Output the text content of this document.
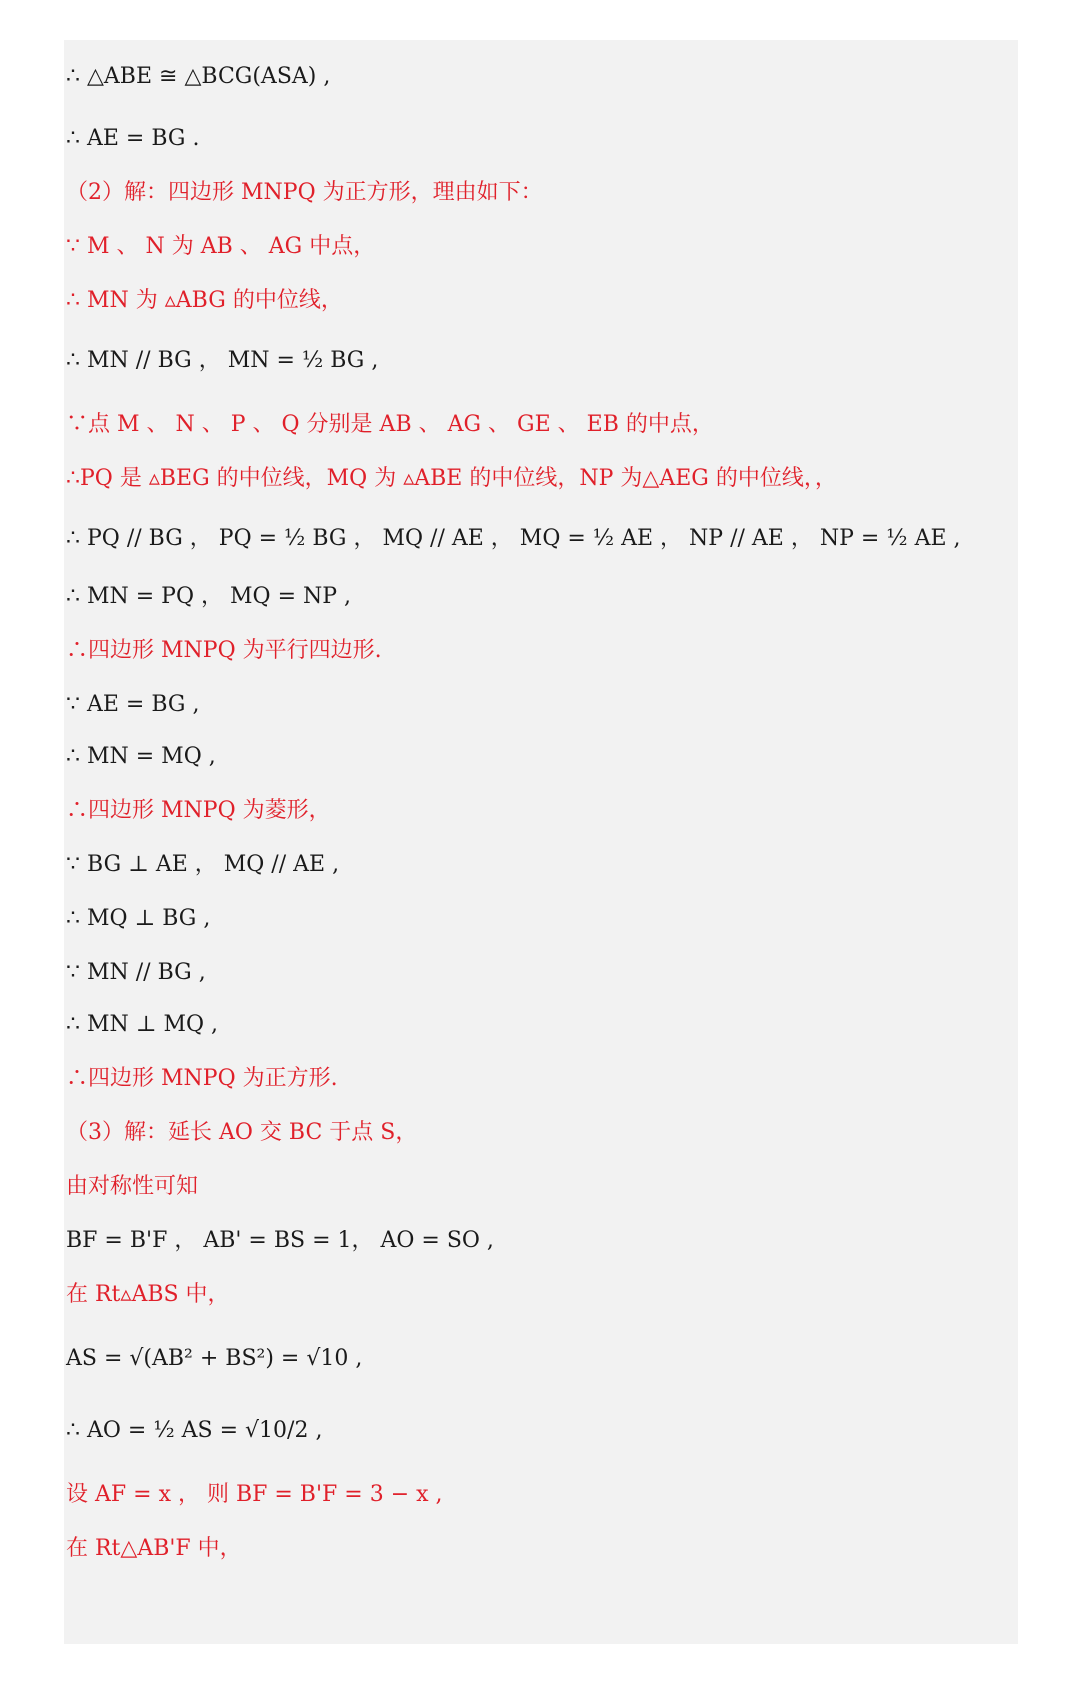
∴ △ABE ≅ △BCG(ASA) ,
∴ AE = BG .
（2）解：四边形 MNPQ 为正方形，理由如下：
∵ M 、 N 为 AB 、 AG 中点，
∴ MN 为 ▵ABG 的中位线，
∴ MN // BG ， MN = ½ BG ,
∵点 M 、 N 、 P 、 Q 分别是 AB 、 AG 、 GE 、 EB 的中点，
∴PQ 是 ▵BEG 的中位线，MQ 为 ▵ABE 的中位线，NP 为△AEG 的中位线，，
∴ PQ // BG ， PQ = ½ BG ， MQ // AE ， MQ = ½ AE ， NP // AE ， NP = ½ AE ,
∴ MN = PQ ， MQ = NP ,
∴四边形 MNPQ 为平行四边形.
∵ AE = BG ,
∴ MN = MQ ,
∴四边形 MNPQ 为菱形，
∵ BG ⊥ AE ， MQ // AE ,
∴ MQ ⊥ BG ,
∵ MN // BG ,
∴ MN ⊥ MQ ,
∴四边形 MNPQ 为正方形.
（3）解：延长 AO 交 BC 于点 S，
由对称性可知
BF = B'F ， AB' = BS = 1， AO = SO ,
在 Rt▵ABS 中，
AS = √(AB² + BS²) = √10 ,
∴ AO = ½ AS = √10/2 ,
设 AF = x ， 则 BF = B'F = 3 − x ,
在 Rt△AB'F 中，
